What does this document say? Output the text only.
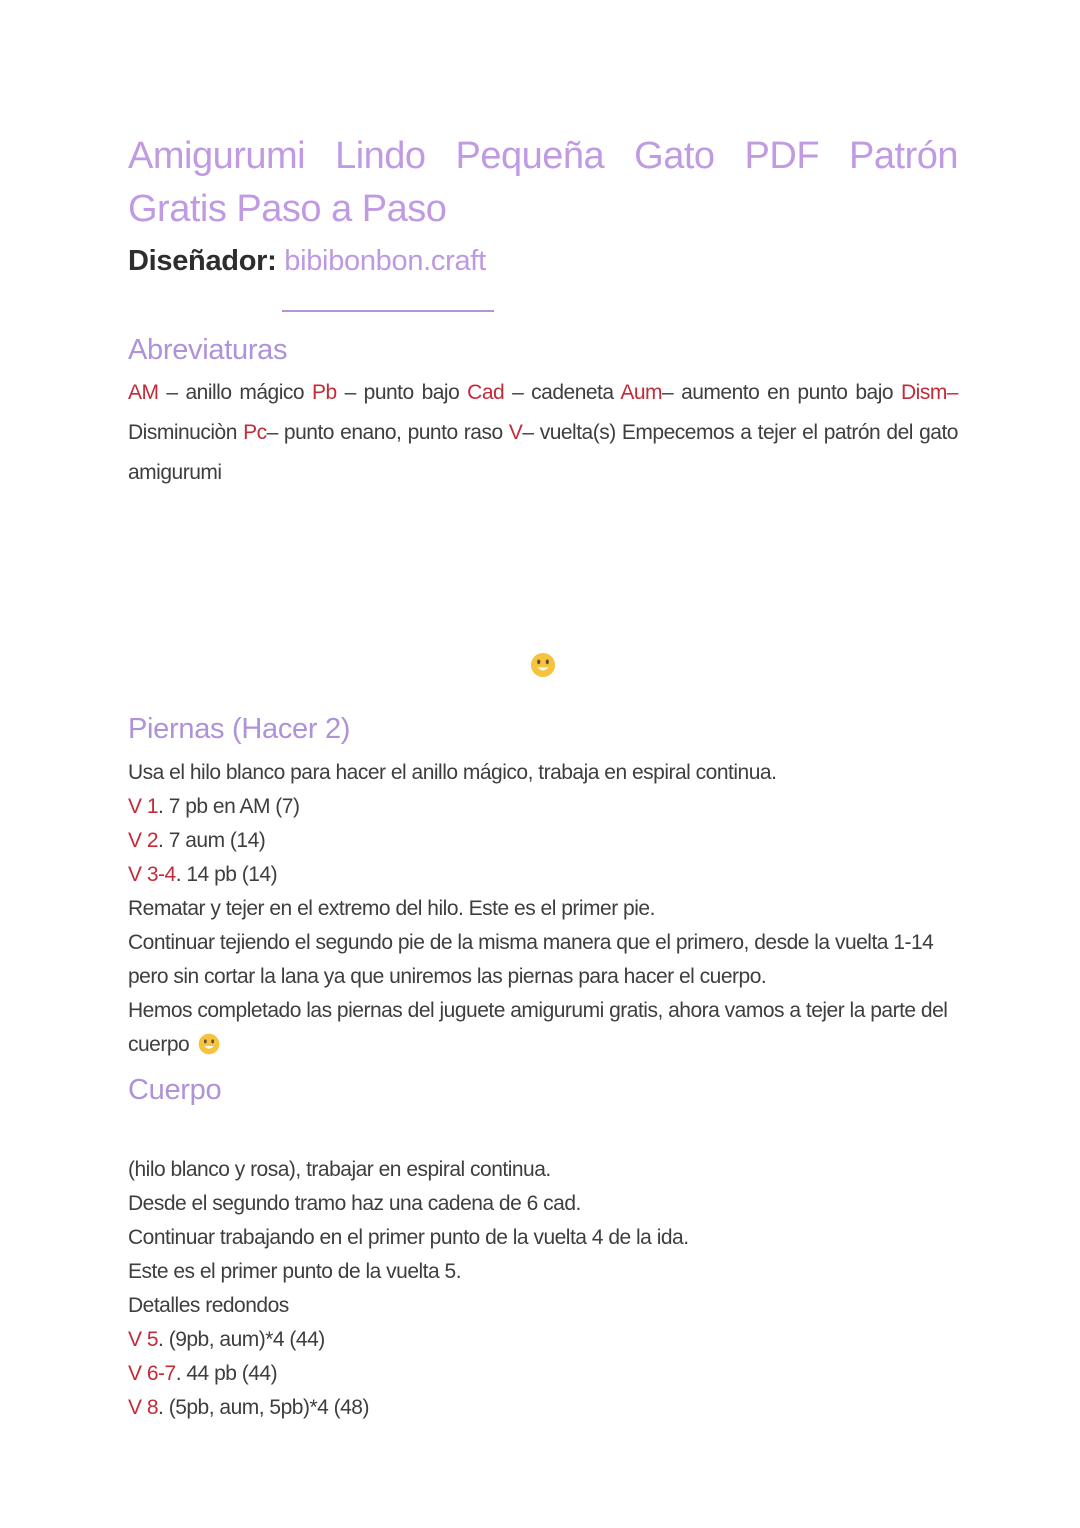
Amigurumi Lindo Pequeña Gato PDF Patrón Gratis Paso a Paso

Diseñador: bibibonbon.craft

Abreviaturas

AM – anillo mágico Pb – punto bajo Cad – cadeneta Aum– aumento en punto bajo Dism– Disminuciòn Pc– punto enano, punto raso V– vuelta(s) Empecemos a tejer el patrón del gato amigurumi

Piernas (Hacer 2)

Usa el hilo blanco para hacer el anillo mágico, trabaja en espiral continua.

V 1. 7 pb en AM (7)

V 2. 7 aum (14)

V 3-4. 14 pb (14)

Rematar y tejer en el extremo del hilo. Este es el primer pie.

Continuar tejiendo el segundo pie de la misma manera que el primero, desde la vuelta 1-14 pero sin cortar la lana ya que uniremos las piernas para hacer el cuerpo.

Hemos completado las piernas del juguete amigurumi gratis, ahora vamos a tejer la parte del cuerpo

Cuerpo

(hilo blanco y rosa), trabajar en espiral continua.

Desde el segundo tramo haz una cadena de 6 cad.

Continuar trabajando en el primer punto de la vuelta 4 de la ida.

Este es el primer punto de la vuelta 5.

Detalles redondos

V 5. (9pb, aum)*4 (44)

V 6-7. 44 pb (44)

V 8. (5pb, aum, 5pb)*4 (48)
